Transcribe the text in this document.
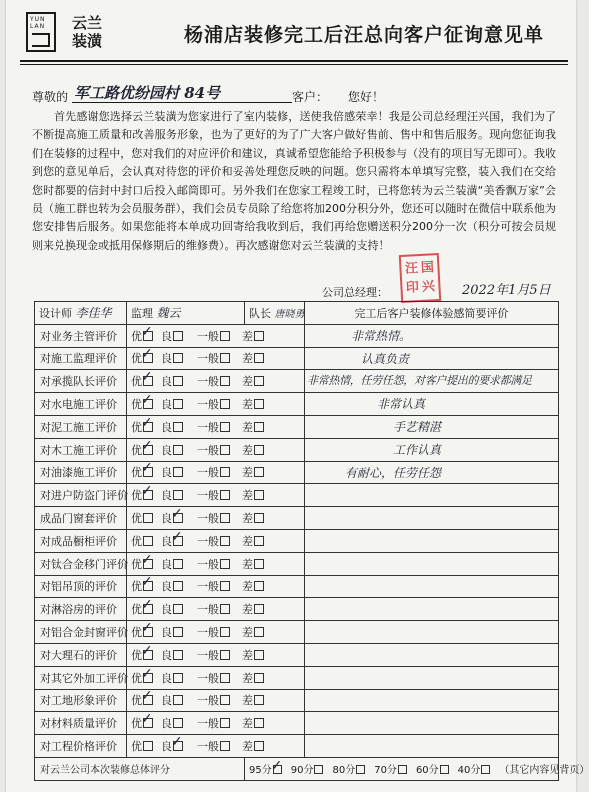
YUN LAN	云兰
装潢	杨浦店装修完工后汪总向客户征询意见单
尊敬的 军工路优纷园村 84号	客户： 您好！

首先感谢您选择云兰装潢为您家进行了室内装修，送使我倍感荣幸！我是公司总经理汪兴国，我们为了不断提高施工质量和改善服务形象，也为了更好的为了广大客户做好售前、售中和售后服务。现向您征询我们在装修的过程中，您对我们的对应评价和建议，真诚希望您能给予积极参与（没有的项目写无即可）。我收到您的意见单后，会认真对待您的评价和妥善处理您反映的问题。您只需将本单填写完整，装入我们在交给您时都要的信封中封口后投入邮筒即可。另外我们在您家工程竣工时，已将您转为云兰装潢“美香飘万家”会员（施工群也转为会员服务群），我们会员专员除了给您将加200分积分外，您还可以随时在微信中联系他为您安排售后服务。如果您能将本单成功回寄给我收到后，我们再给您赠送积分200分一次（积分可按会员规则来兑换现金或抵用保修期后的维修费）。再次感谢您对云兰装潢的支持！

汪 国
印 兴
公司总经理：	2022年1月5日
设计师 李佳华	监理 魏云	队长 唐晓勇	完工后客户装修体验感简要评价
对业务主管评价	优 ✓ 良 一般 差		非常热情。

对施工监理评价	优 ✓ 良 一般 差		认真负责

对承揽队长评价	优 ✓ 良 一般 差		非常热情，任劳任怨，对客户提出的要求都满足

对水电施工评价	优 ✓ 良 一般 差		非常认真

对泥工施工评价	优 ✓ 良 一般 差		手艺精湛

对木工施工评价	优 ✓ 良 一般 差		工作认真

对油漆施工评价	优 ✓ 良 一般 差		有耐心，任劳任怨

对进户防盗门评价	优 ✓ 良 一般 差	
成品门窗套评价	优 良 ✓ 一般 差	
对成品橱柜评价	优 良 ✓ 一般 差	
对钛合金移门评价	优 ✓ 良 一般 差	
对铝吊顶的评价	优 ✓ 良 一般 差	
对淋浴房的评价	优 ✓ 良 一般 差	
对铝合金封窗评价	优 ✓ 良 一般 差	
对大理石的评价	优 ✓ 良 一般 差	
对其它外加工评价	优 ✓ 良 一般 差	
对工地形象评价	优 ✓ 良 一般 差	
对材料质量评价	优 ✓ 良 一般 差	
对工程价格评价	优 良 ✓ 一般 差	
对云兰公司本次装修总体评分		95分 ✓ 90分 80分 70分 60分 40分 （其它内容见背页）
